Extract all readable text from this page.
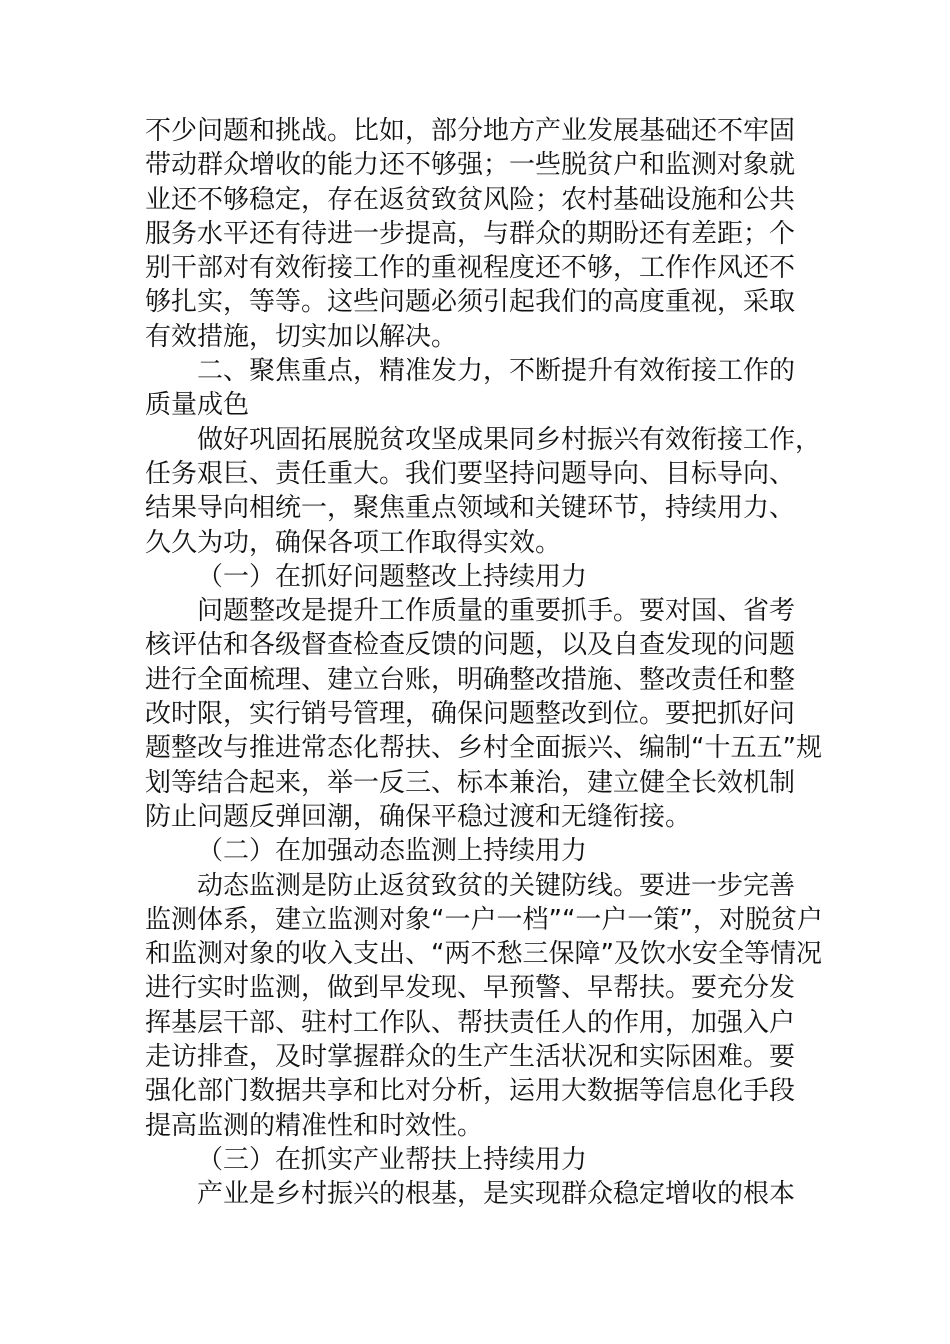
不少问题和挑战。比如，部分地方产业发展基础还不牢固
带动群众增收的能力还不够强；一些脱贫户和监测对象就
业还不够稳定，存在返贫致贫风险；农村基础设施和公共
服务水平还有待进一步提高，与群众的期盼还有差距；个
别干部对有效衔接工作的重视程度还不够，工作作风还不
够扎实，等等。这些问题必须引起我们的高度重视，采取
有效措施，切实加以解决。
二、聚焦重点，精准发力，不断提升有效衔接工作的
质量成色
做好巩固拓展脱贫攻坚成果同乡村振兴有效衔接工作，
任务艰巨、责任重大。我们要坚持问题导向、目标导向、
结果导向相统一，聚焦重点领域和关键环节，持续用力、
久久为功，确保各项工作取得实效。
（一）在抓好问题整改上持续用力
问题整改是提升工作质量的重要抓手。要对国、省考
核评估和各级督查检查反馈的问题，以及自查发现的问题
进行全面梳理、建立台账，明确整改措施、整改责任和整
改时限，实行销号管理，确保问题整改到位。要把抓好问
题整改与推进常态化帮扶、乡村全面振兴、编制“十五五”规
划等结合起来，举一反三、标本兼治，建立健全长效机制
防止问题反弹回潮，确保平稳过渡和无缝衔接。
（二）在加强动态监测上持续用力
动态监测是防止返贫致贫的关键防线。要进一步完善
监测体系，建立监测对象“一户一档”“一户一策”，对脱贫户
和监测对象的收入支出、“两不愁三保障”及饮水安全等情况
进行实时监测，做到早发现、早预警、早帮扶。要充分发
挥基层干部、驻村工作队、帮扶责任人的作用，加强入户
走访排查，及时掌握群众的生产生活状况和实际困难。要
强化部门数据共享和比对分析，运用大数据等信息化手段
提高监测的精准性和时效性。
（三）在抓实产业帮扶上持续用力
产业是乡村振兴的根基，是实现群众稳定增收的根本
